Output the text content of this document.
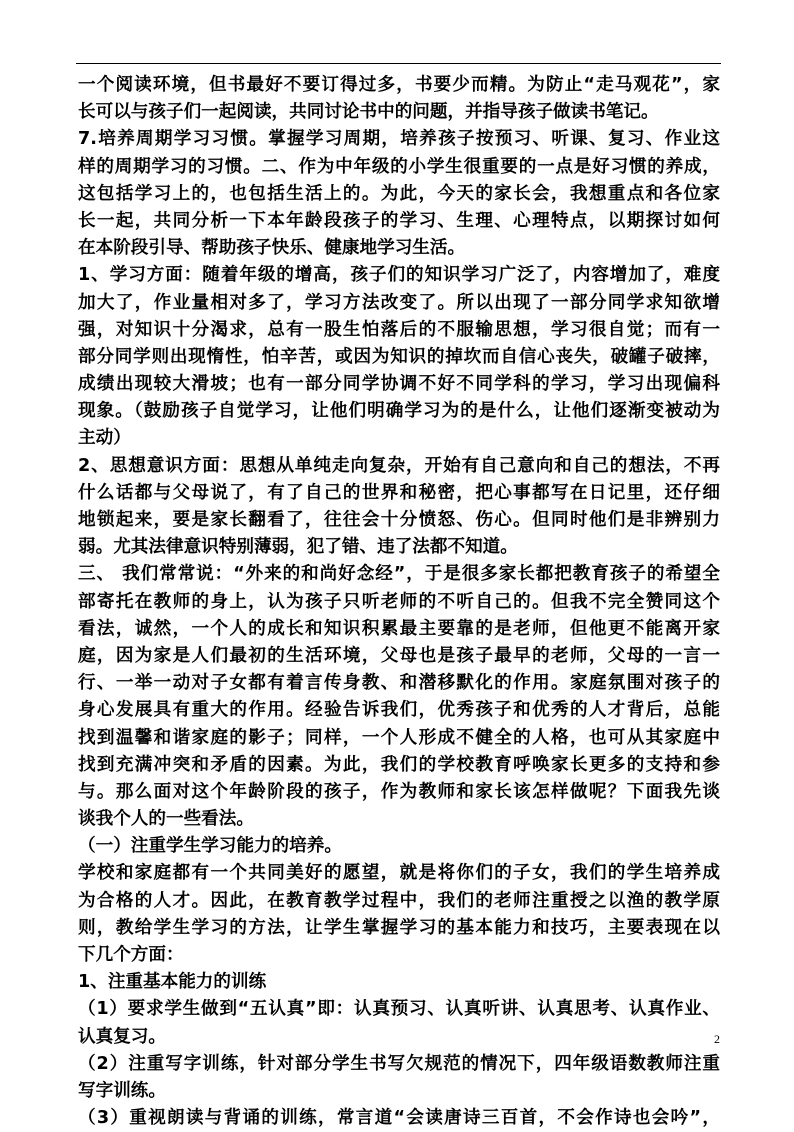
一个阅读环境，但书最好不要订得过多，书要少而精。为防止“走马观花”，家
长可以与孩子们一起阅读，共同讨论书中的问题，并指导孩子做读书笔记。
7.培养周期学习习惯。掌握学习周期，培养孩子按预习、听课、复习、作业这
样的周期学习的习惯。二、作为中年级的小学生很重要的一点是好习惯的养成，
这包括学习上的，也包括生活上的。为此，今天的家长会，我想重点和各位家
长一起，共同分析一下本年龄段孩子的学习、生理、心理特点，以期探讨如何
在本阶段引导、帮助孩子快乐、健康地学习生活。
1、学习方面：随着年级的增高，孩子们的知识学习广泛了，内容增加了，难度
加大了，作业量相对多了，学习方法改变了。所以出现了一部分同学求知欲增
强，对知识十分渴求，总有一股生怕落后的不服输思想，学习很自觉；而有一
部分同学则出现惰性，怕辛苦，或因为知识的掉坎而自信心丧失，破罐子破摔，
成绩出现较大滑坡；也有一部分同学协调不好不同学科的学习，学习出现偏科
现象。（鼓励孩子自觉学习，让他们明确学习为的是什么，让他们逐渐变被动为
主动）
2、思想意识方面：思想从单纯走向复杂，开始有自己意向和自己的想法，不再
什么话都与父母说了，有了自己的世界和秘密，把心事都写在日记里，还仔细
地锁起来，要是家长翻看了，往往会十分愤怒、伤心。但同时他们是非辨别力
弱。尤其法律意识特别薄弱，犯了错、违了法都不知道。
三、 我们常常说：“外来的和尚好念经”，于是很多家长都把教育孩子的希望全
部寄托在教师的身上，认为孩子只听老师的不听自己的。但我不完全赞同这个
看法，诚然，一个人的成长和知识积累最主要靠的是老师，但他更不能离开家
庭，因为家是人们最初的生活环境，父母也是孩子最早的老师，父母的一言一
行、一举一动对子女都有着言传身教、和潜移默化的作用。家庭氛围对孩子的
身心发展具有重大的作用。经验告诉我们，优秀孩子和优秀的人才背后，总能
找到温馨和谐家庭的影子；同样，一个人形成不健全的人格，也可从其家庭中
找到充满冲突和矛盾的因素。为此，我们的学校教育呼唤家长更多的支持和参
与。那么面对这个年龄阶段的孩子，作为教师和家长该怎样做呢？下面我先谈
谈我个人的一些看法。
（一）注重学生学习能力的培养。
学校和家庭都有一个共同美好的愿望，就是将你们的子女，我们的学生培养成
为合格的人才。因此，在教育教学过程中，我们的老师注重授之以渔的教学原
则，教给学生学习的方法，让学生掌握学习的基本能力和技巧，主要表现在以
下几个方面：
1、注重基本能力的训练
（1）要求学生做到“五认真”即：认真预习、认真听讲、认真思考、认真作业、
认真复习。
（2）注重写字训练，针对部分学生书写欠规范的情况下，四年级语数教师注重
写字训练。
（3）重视朗读与背诵的训练，常言道“会读唐诗三百首，不会作诗也会吟”，
2
